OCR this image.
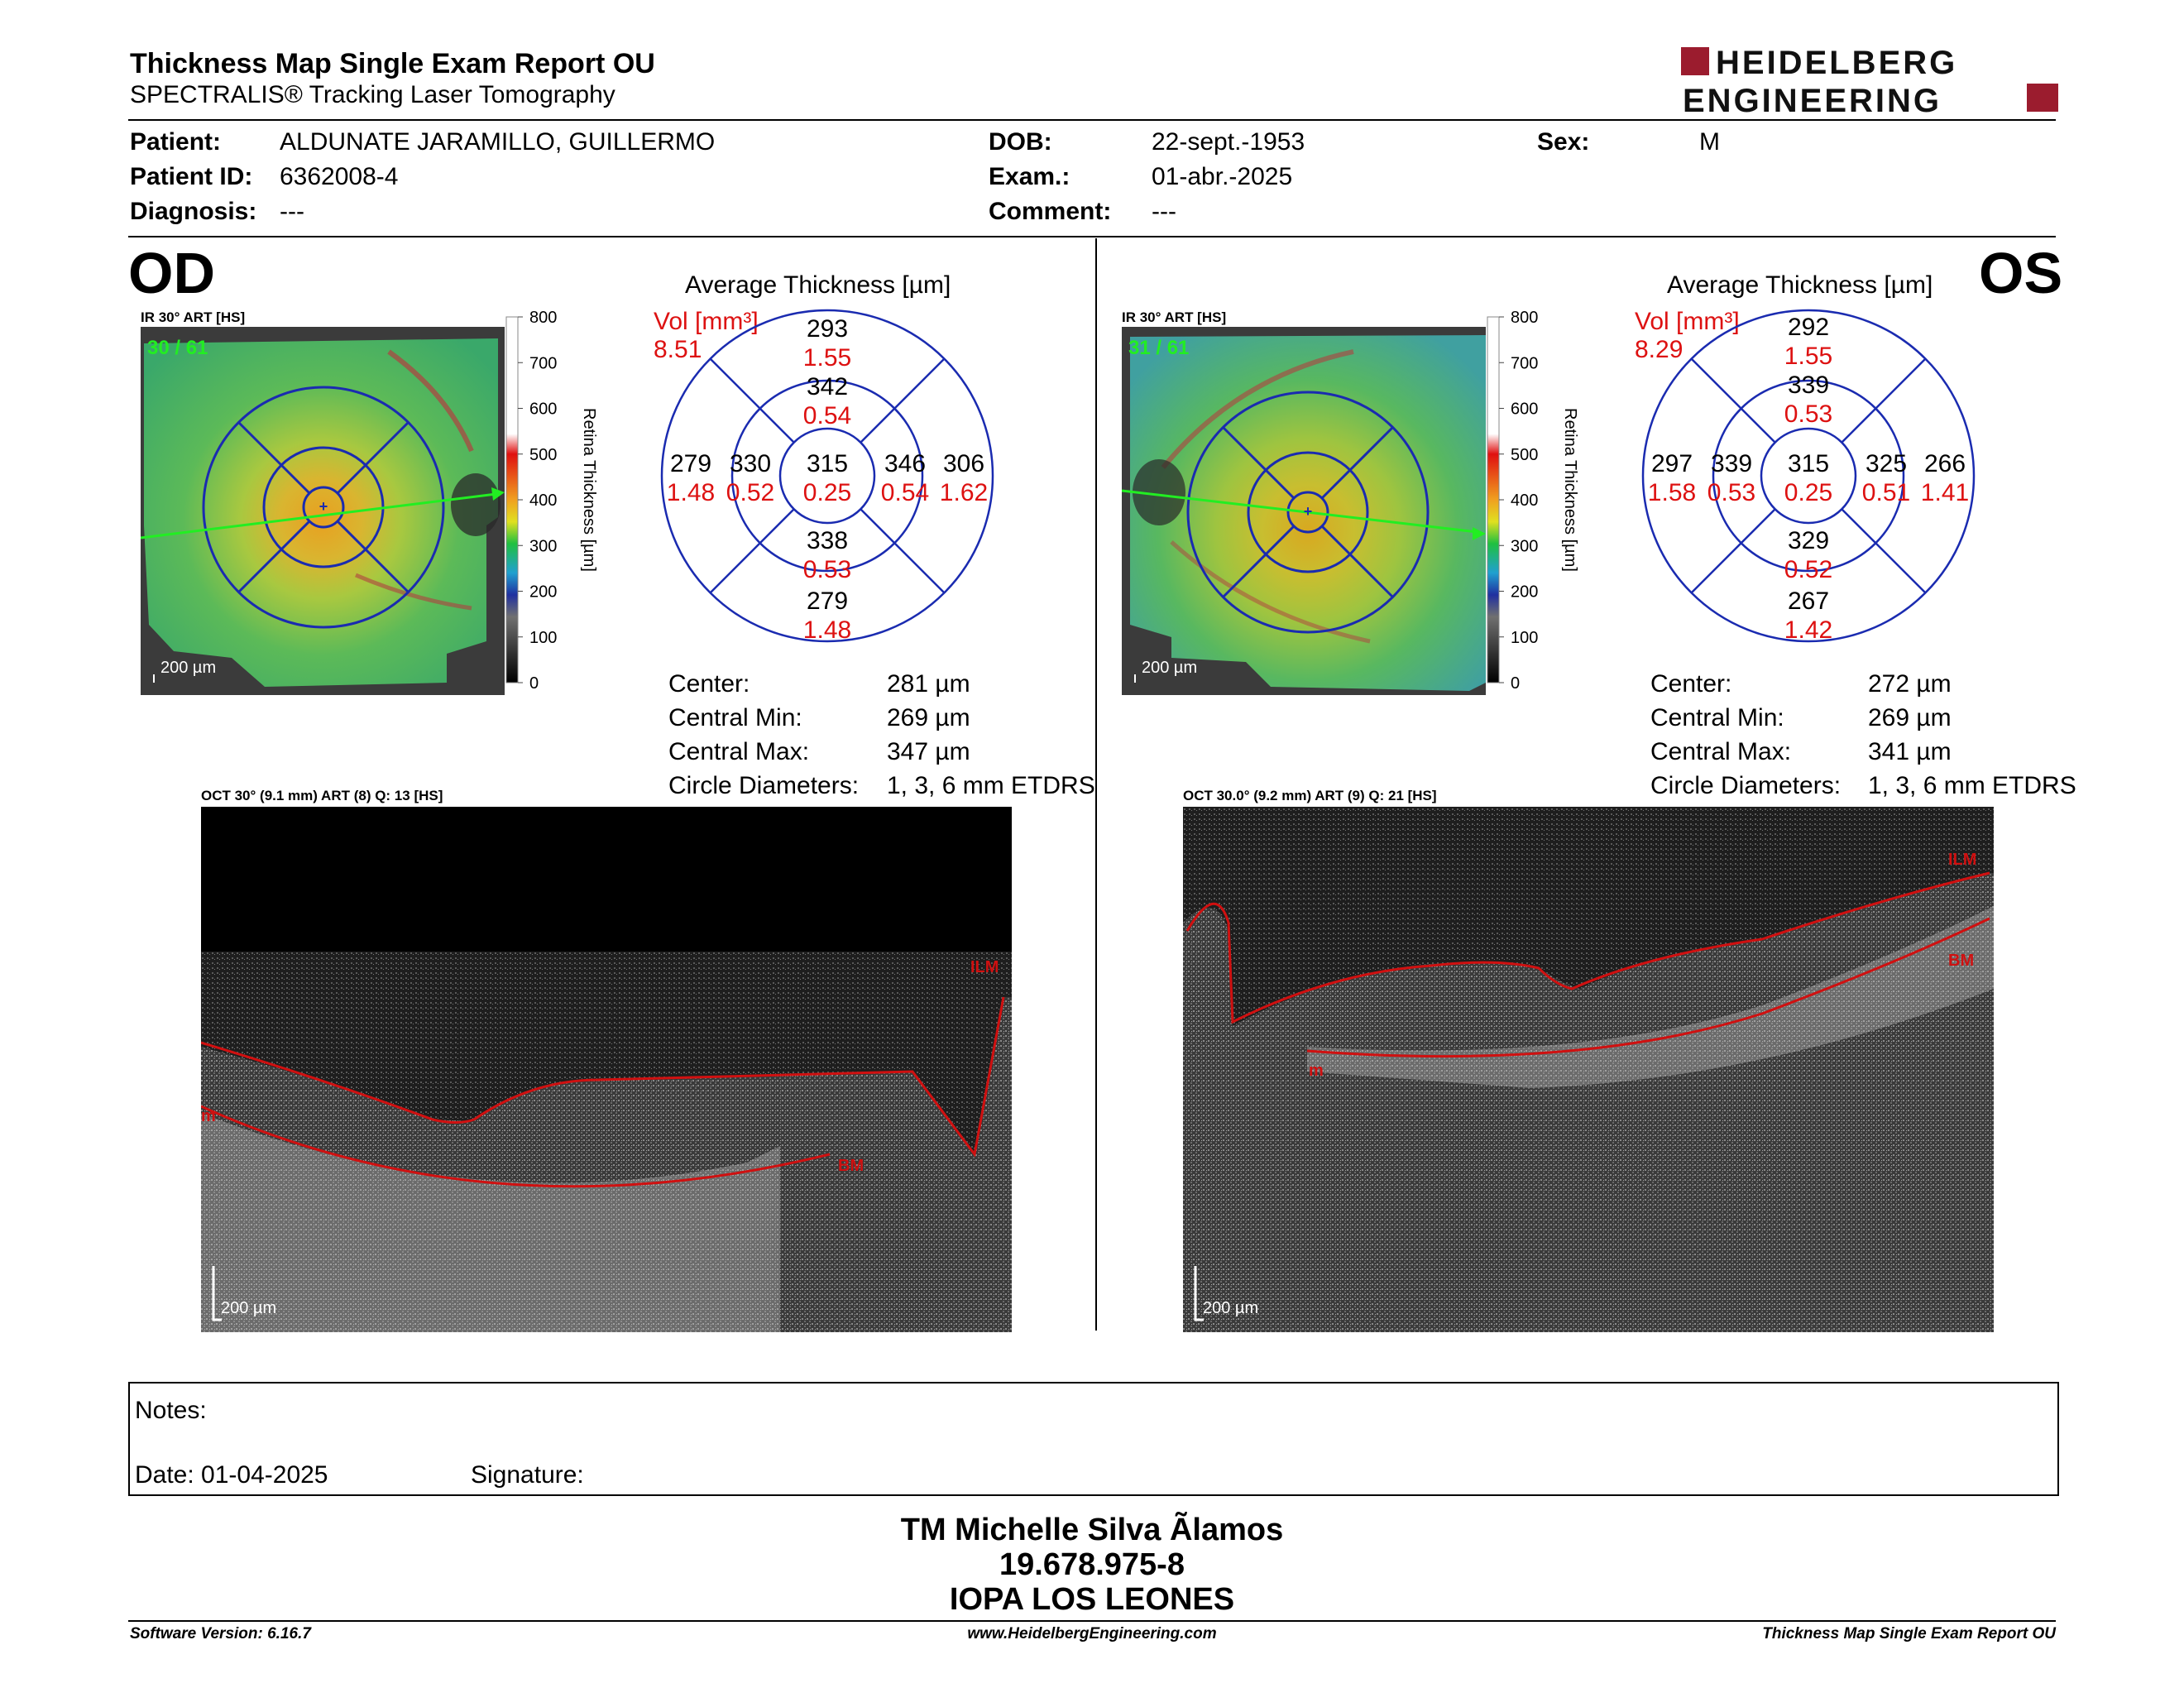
Thickness Map Single Exam Report OU
SPECTRALIS® Tracking Laser Tomography
HEIDELBERG
ENGINEERING
Patient: ALDUNATE JARAMILLO, GUILLERMO
Patient ID: 6362008-4
Diagnosis: ---
DOB:	22-sept.-1953
Exam.:	01-abr.-2025
Comment: ---
Sex:	M
OD
IR 30° ART [HS]
+
30 / 61
200 µm
800
700
600
500
400
300
200
100
0
Retina Thickness [µm]
Average Thickness [µm]
Vol [mm³]
8.51
293
1.55
342
0.54
279
1.48
330
0.52
315
0.25
346
0.54
306
1.62
338
0.53
279
1.48
Center:	281 µm
Central Min:	269 µm
Central Max:	347 µm
Circle Diameters: 1, 3, 6 mm ETDRS
OCT 30° (9.1 mm) ART (8) Q: 13 [HS]
ILM
BM
m
200 µm
OS
IR 30° ART [HS]
+
31 / 61
200 µm
800
700
600
500
400
300
200
100
0
Retina Thickness [µm]
Average Thickness [µm]
Vol [mm³]
8.29
292
1.55
339
0.53
297
1.58
339
0.53
315
0.25
325
0.51
266
1.41
329
0.52
267
1.42
Center:	272 µm
Central Min:	269 µm
Central Max:	341 µm
Circle Diameters: 1, 3, 6 mm ETDRS
OCT 30.0° (9.2 mm) ART (9) Q: 21 [HS]
ILM
BM
m
200 µm
Notes:
Date: 01-04-2025	Signature:
TM Michelle Silva Ãlamos
19.678.975-8
IOPA LOS LEONES
Software Version: 6.16.7	www.HeidelbergEngineering.com	Thickness Map Single Exam Report OU
